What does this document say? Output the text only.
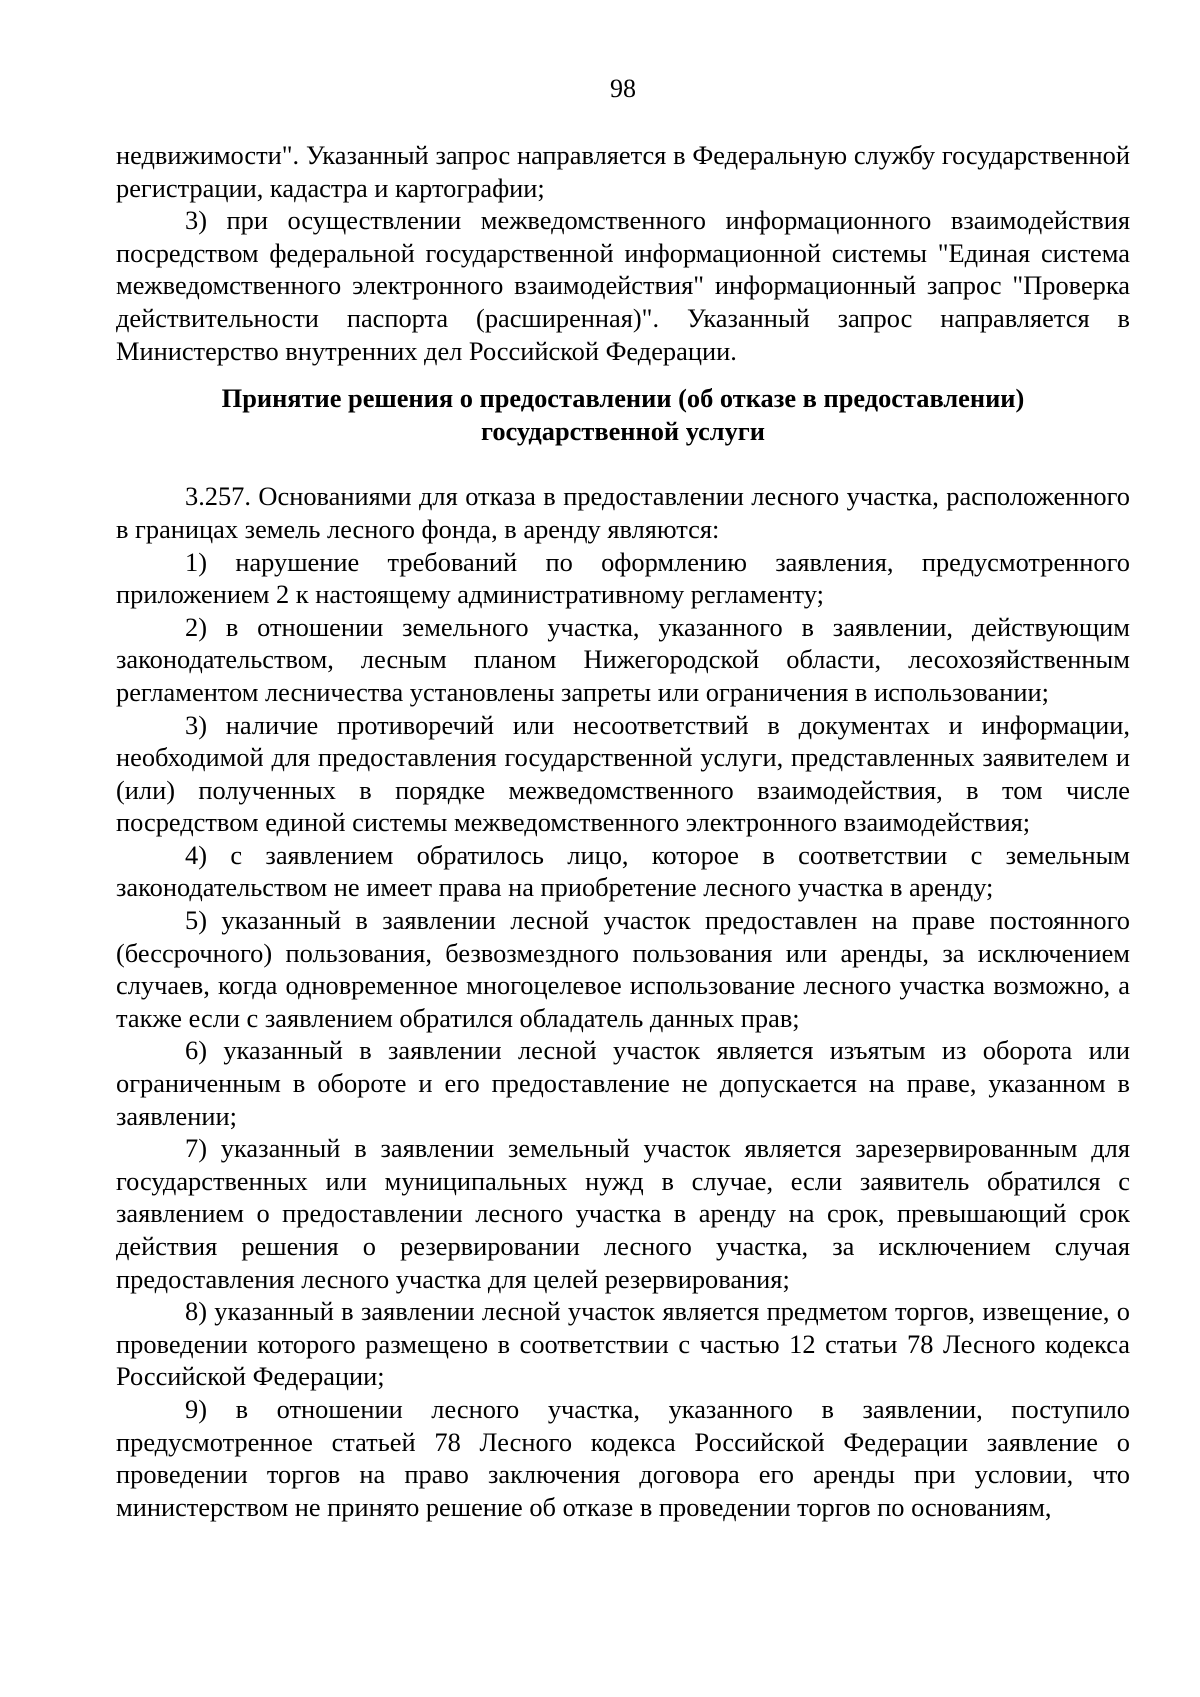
98

недвижимости". Указанный запрос направляется в Федеральную службу государственной регистрации, кадастра и картографии;

3) при осуществлении межведомственного информационного взаимодействия посредством федеральной государственной информационной системы "Единая система межведомственного электронного взаимодействия" информационный запрос "Проверка действительности паспорта (расширенная)". Указанный запрос направляется в Министерство внутренних дел Российской Федерации.

Принятие решения о предоставлении (об отказе в предоставлении)
государственной услуги

3.257. Основаниями для отказа в предоставлении лесного участка, расположенного в границах земель лесного фонда, в аренду являются:

1) нарушение требований по оформлению заявления, предусмотренного приложением 2 к настоящему административному регламенту;

2) в отношении земельного участка, указанного в заявлении, действующим законодательством, лесным планом Нижегородской области, лесохозяйственным регламентом лесничества установлены запреты или ограничения в использовании;

3) наличие противоречий или несоответствий в документах и информации, необходимой для предоставления государственной услуги, представленных заявителем и (или) полученных в порядке межведомственного взаимодействия, в том числе посредством единой системы межведомственного электронного взаимодействия;

4) с заявлением обратилось лицо, которое в соответствии с земельным законодательством не имеет права на приобретение лесного участка в аренду;

5) указанный в заявлении лесной участок предоставлен на праве постоянного (бессрочного) пользования, безвозмездного пользования или аренды, за исключением случаев, когда одновременное многоцелевое использование лесного участка возможно, а также если с заявлением обратился обладатель данных прав;

6) указанный в заявлении лесной участок является изъятым из оборота или ограниченным в обороте и его предоставление не допускается на праве, указанном в заявлении;

7) указанный в заявлении земельный участок является зарезервированным для государственных или муниципальных нужд в случае, если заявитель обратился с заявлением о предоставлении лесного участка в аренду на срок, превышающий срок действия решения о резервировании лесного участка, за исключением случая предоставления лесного участка для целей резервирования;

8) указанный в заявлении лесной участок является предметом торгов, извещение, о проведении которого размещено в соответствии с частью 12 статьи 78 Лесного кодекса Российской Федерации;

9) в отношении лесного участка, указанного в заявлении, поступило предусмотренное статьей 78 Лесного кодекса Российской Федерации заявление о проведении торгов на право заключения договора его аренды при условии, что министерством не принято решение об отказе в проведении торгов по основаниям,
